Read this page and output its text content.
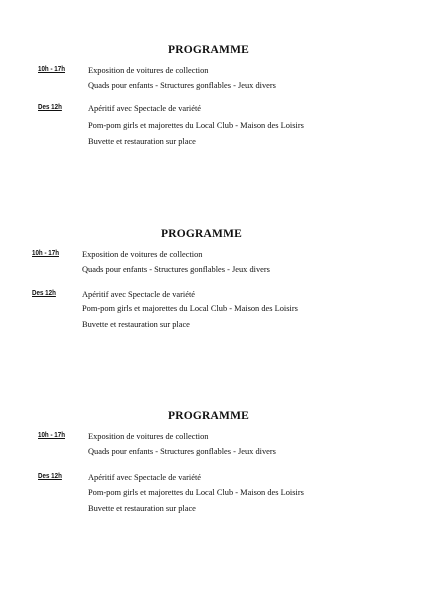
PROGRAMME
10h - 17h	Exposition de voitures de collection
Quads pour enfants - Structures gonflables - Jeux divers
Des 12h	Apéritif avec Spectacle de variété
Pom-pom girls et majorettes du Local Club - Maison des Loisirs
Buvette et restauration sur place
PROGRAMME
10h - 17h	Exposition de voitures de collection
Quads pour enfants - Structures gonflables - Jeux divers
Des 12h	Apéritif avec Spectacle de variété
Pom-pom girls et majorettes du Local Club - Maison des Loisirs
Buvette et restauration sur place
PROGRAMME
10h - 17h	Exposition de voitures de collection
Quads pour enfants - Structures gonflables - Jeux divers
Des 12h	Apéritif avec Spectacle de variété
Pom-pom girls et majorettes du Local Club - Maison des Loisirs
Buvette et restauration sur place
